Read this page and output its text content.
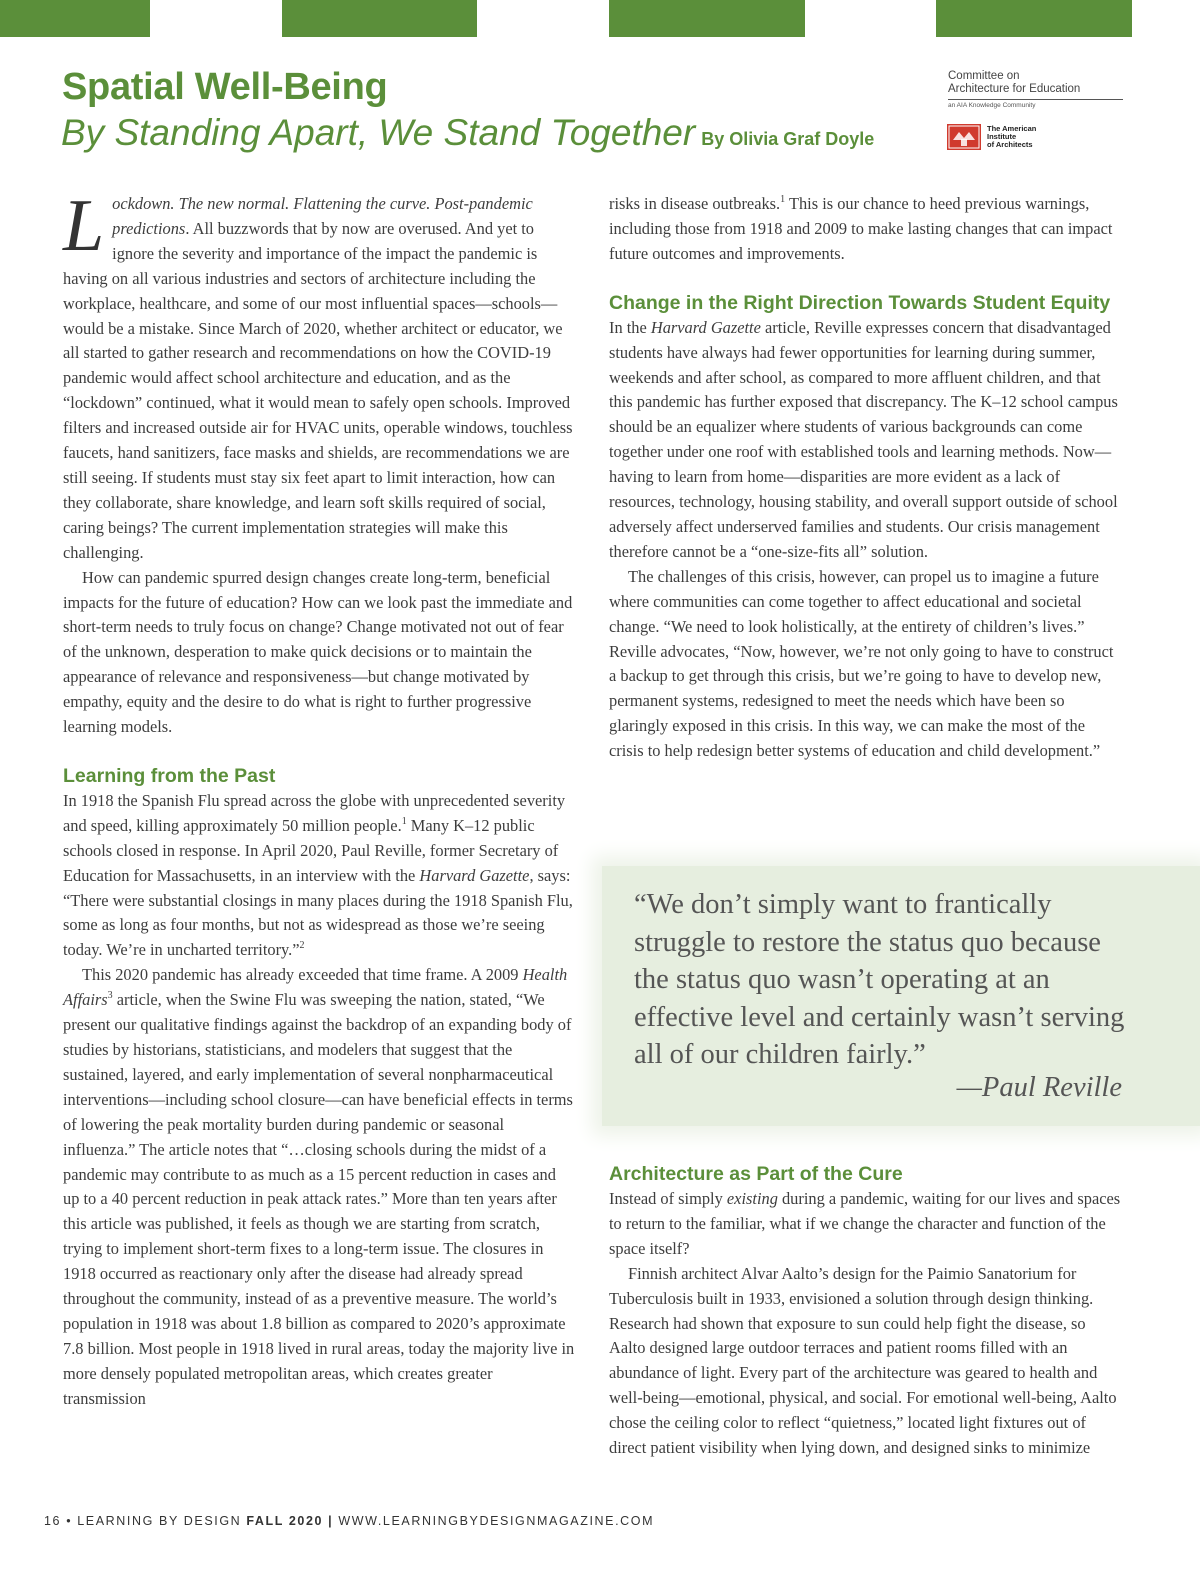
Spatial Well-Being
By Standing Apart, We Stand Together By Olivia Graf Doyle
Committee on
Architecture for Education
an AIA Knowledge Community
The American
Institute
of Architects

Lockdown. The new normal. Flattening the curve. Post-pandemic predictions. All buzzwords that by now are overused. And yet to ignore the severity and importance of the impact the pandemic is having on all various industries and sectors of architecture including the workplace, healthcare, and some of our most influential spaces—schools—would be a mistake. Since March of 2020, whether architect or educator, we all started to gather research and recommendations on how the COVID-19 pandemic would affect school architecture and education, and as the “lockdown” continued, what it would mean to safely open schools. Improved filters and increased outside air for HVAC units, operable windows, touchless faucets, hand sanitizers, face masks and shields, are recommendations we are still seeing. If students must stay six feet apart to limit interaction, how can they collaborate, share knowledge, and learn soft skills required of social, caring beings? The current implementation strategies will make this challenging.

How can pandemic spurred design changes create long-term, beneficial impacts for the future of education? How can we look past the immediate and short-term needs to truly focus on change? Change motivated not out of fear of the unknown, desperation to make quick decisions or to maintain the appearance of relevance and responsiveness—but change motivated by empathy, equity and the desire to do what is right to further progressive learning models.

Learning from the Past

In 1918 the Spanish Flu spread across the globe with unprecedented severity and speed, killing approximately 50 million people.$^1$ Many K–12 public schools closed in response. In April 2020, Paul Reville, former Secretary of Education for Massachusetts, in an interview with the Harvard Gazette, says: “There were substantial closings in many places during the 1918 Spanish Flu, some as long as four months, but not as widespread as those we’re seeing today. We’re in uncharted territory.”$^2$

This 2020 pandemic has already exceeded that time frame. A 2009 Health Affairs$^3$ article, when the Swine Flu was sweeping the nation, stated, “We present our qualitative findings against the backdrop of an expanding body of studies by historians, statisticians, and modelers that suggest that the sustained, layered, and early implementation of several nonpharmaceutical interventions—including school closure—can have beneficial effects in terms of lowering the peak mortality burden during pandemic or seasonal influenza.” The article notes that “…closing schools during the midst of a pandemic may contribute to as much as a 15 percent reduction in cases and up to a 40 percent reduction in peak attack rates.” More than ten years after this article was published, it feels as though we are starting from scratch, trying to implement short-term fixes to a long-term issue. The closures in 1918 occurred as reactionary only after the disease had already spread throughout the community, instead of as a preventive measure. The world’s population in 1918 was about 1.8 billion as compared to 2020’s approximate 7.8 billion. Most people in 1918 lived in rural areas, today the majority live in more densely populated metropolitan areas, which creates greater transmission

risks in disease outbreaks.$^1$ This is our chance to heed previous warnings, including those from 1918 and 2009 to make lasting changes that can impact future outcomes and improvements.

Change in the Right Direction Towards Student Equity

In the Harvard Gazette article, Reville expresses concern that disadvantaged students have always had fewer opportunities for learning during summer, weekends and after school, as compared to more affluent children, and that this pandemic has further exposed that discrepancy. The K–12 school campus should be an equalizer where students of various backgrounds can come together under one roof with established tools and learning methods. Now—having to learn from home—disparities are more evident as a lack of resources, technology, housing stability, and overall support outside of school adversely affect underserved families and students. Our crisis management therefore cannot be a “one-size-fits all” solution.

The challenges of this crisis, however, can propel us to imagine a future where communities can come together to affect educational and societal change. “We need to look holistically, at the entirety of children’s lives.” Reville advocates, “Now, however, we’re not only going to have to construct a backup to get through this crisis, but we’re going to have to develop new, permanent systems, redesigned to meet the needs which have been so glaringly exposed in this crisis. In this way, we can make the most of the crisis to help redesign better systems of education and child development.”

“We don’t simply want to frantically struggle to restore the status quo because the status quo wasn’t operating at an effective level and certainly wasn’t serving all of our children fairly.”
—Paul Reville
Architecture as Part of the Cure

Instead of simply existing during a pandemic, waiting for our lives and spaces to return to the familiar, what if we change the character and function of the space itself?

Finnish architect Alvar Aalto’s design for the Paimio Sanatorium for Tuberculosis built in 1933, envisioned a solution through design thinking. Research had shown that exposure to sun could help fight the disease, so Aalto designed large outdoor terraces and patient rooms filled with an abundance of light. Every part of the architecture was geared to health and well-being—emotional, physical, and social. For emotional well-being, Aalto chose the ceiling color to reflect “quietness,” located light fixtures out of direct patient visibility when lying down, and designed sinks to minimize

16 • LEARNING BY DESIGN FALL 2020 | WWW.LEARNINGBYDESIGNMAGAZINE.COM
